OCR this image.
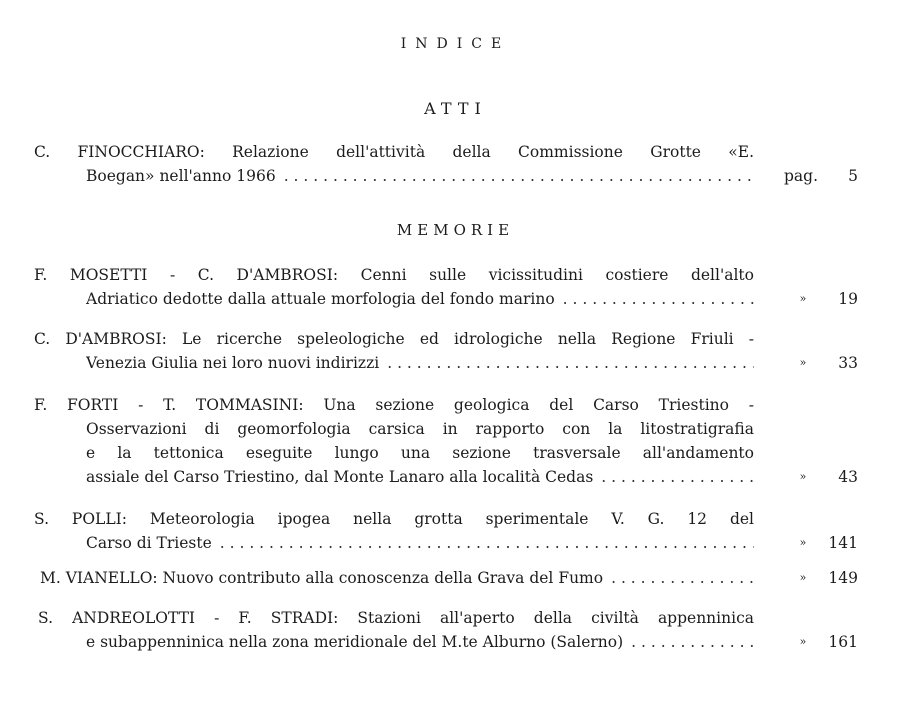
INDICE
ATTI
C. FINOCCHIARO: Relazione dell'attività della Commissione Grotte «E.
Boegan» nell'anno 1966 . . .	pag.	5
MEMORIE
F. MOSETTI - C. D'AMBROSI: Cenni sulle vicissitudini costiere dell'alto
Adriatico dedotte dalla attuale morfologia del fondo marino . . .	»	19
C. D'AMBROSI: Le ricerche speleologiche ed idrologiche nella Regione Friuli -
Venezia Giulia nei loro nuovi indirizzi . . .	»	33
F. FORTI - T. TOMMASINI: Una sezione geologica del Carso Triestino -
Osservazioni di geomorfologia carsica in rapporto con la litostratigrafia
e la tettonica eseguite lungo una sezione trasversale all'andamento
assiale del Carso Triestino, dal Monte Lanaro alla località Cedas . . .	»	43
S. POLLI: Meteorologia ipogea nella grotta sperimentale V. G. 12 del
Carso di Trieste . . .	»	141
M. VIANELLO: Nuovo contributo alla conoscenza della Grava del Fumo . . .	»	149
S. ANDREOLOTTI - F. STRADI: Stazioni all'aperto della civiltà appenninica
e subappenninica nella zona meridionale del M.te Alburno (Salerno) . . .	»	161
